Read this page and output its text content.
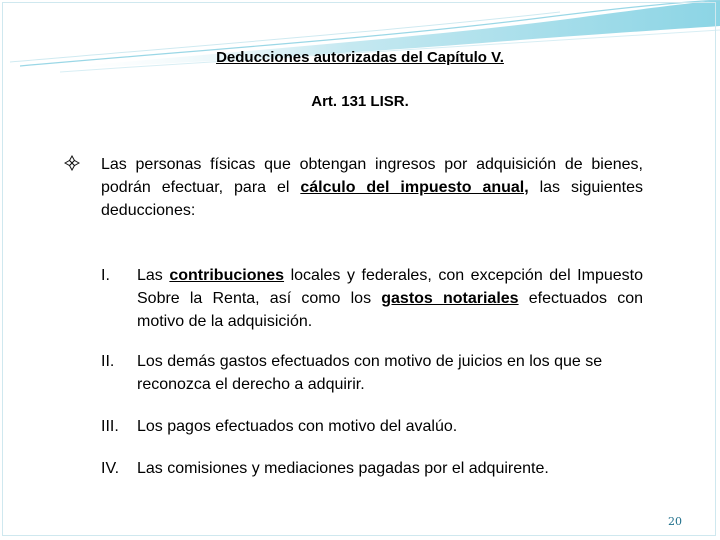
Deducciones autorizadas del Capítulo V.
Art. 131 LISR.
Las personas físicas que obtengan ingresos por adquisición de bienes, podrán efectuar, para el cálculo del impuesto anual, las siguientes deducciones:
I. Las contribuciones locales y federales, con excepción del Impuesto Sobre la Renta, así como los gastos notariales efectuados con motivo de la adquisición.
II. Los demás gastos efectuados con motivo de juicios en los que se reconozca el derecho a adquirir.
III. Los pagos efectuados con motivo del avalúo.
IV. Las comisiones y mediaciones pagadas por el adquirente.
20
